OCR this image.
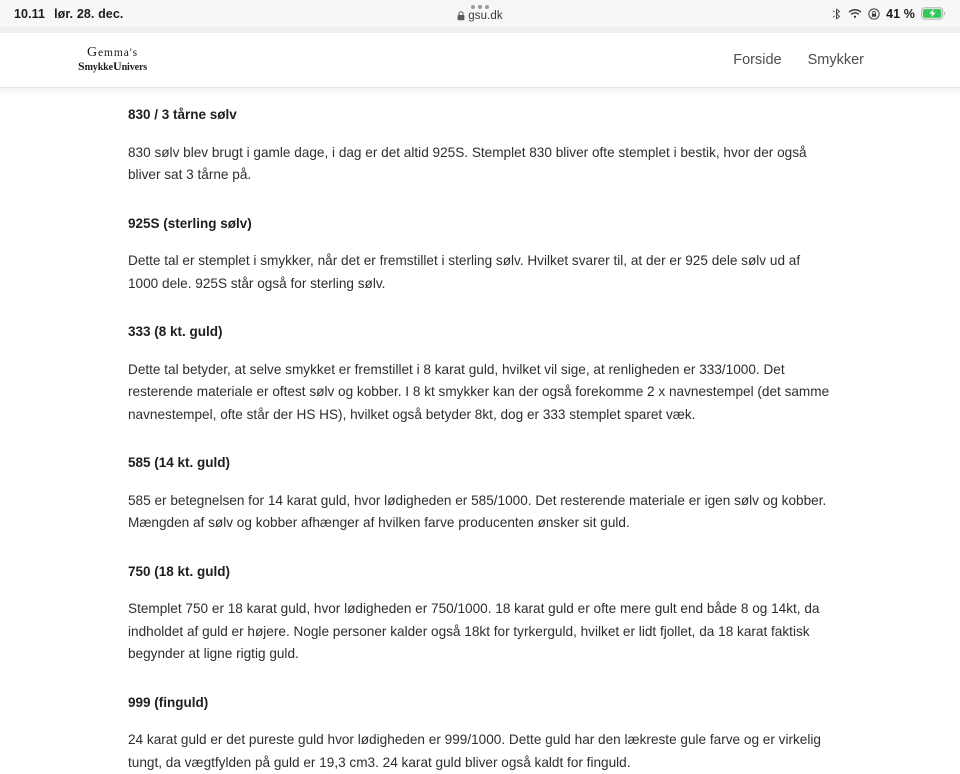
10.11 lør. 28. dec.	gsu.dk	41 %
Gemma's
SmykkeUnivers	Forside Smykker
830 / 3 tårne sølv

830 sølv blev brugt i gamle dage, i dag er det altid 925S. Stemplet 830 bliver ofte stemplet i bestik, hvor der også bliver sat 3 tårne på.

925S (sterling sølv)

Dette tal er stemplet i smykker, når det er fremstillet i sterling sølv. Hvilket svarer til, at der er 925 dele sølv ud af 1000 dele. 925S står også for sterling sølv.

333 (8 kt. guld)

Dette tal betyder, at selve smykket er fremstillet i 8 karat guld, hvilket vil sige, at renligheden er 333/1000. Det resterende materiale er oftest sølv og kobber. I 8 kt smykker kan der også forekomme 2 x navnestempel (det samme navnestempel, ofte står der HS HS), hvilket også betyder 8kt, dog er 333 stemplet sparet væk.

585 (14 kt. guld)

585 er betegnelsen for 14 karat guld, hvor lødigheden er 585/1000. Det resterende materiale er igen sølv og kobber. Mængden af sølv og kobber afhænger af hvilken farve producenten ønsker sit guld.

750 (18 kt. guld)

Stemplet 750 er 18 karat guld, hvor lødigheden er 750/1000. 18 karat guld er ofte mere gult end både 8 og 14kt, da indholdet af guld er højere. Nogle personer kalder også 18kt for tyrkerguld, hvilket er lidt fjollet, da 18 karat faktisk begynder at ligne rigtig guld.

999 (finguld)

24 karat guld er det pureste guld hvor lødigheden er 999/1000. Dette guld har den lækreste gule farve og er virkelig tungt, da vægtfylden på guld er 19,3 cm3. 24 karat guld bliver også kaldt for finguld.
